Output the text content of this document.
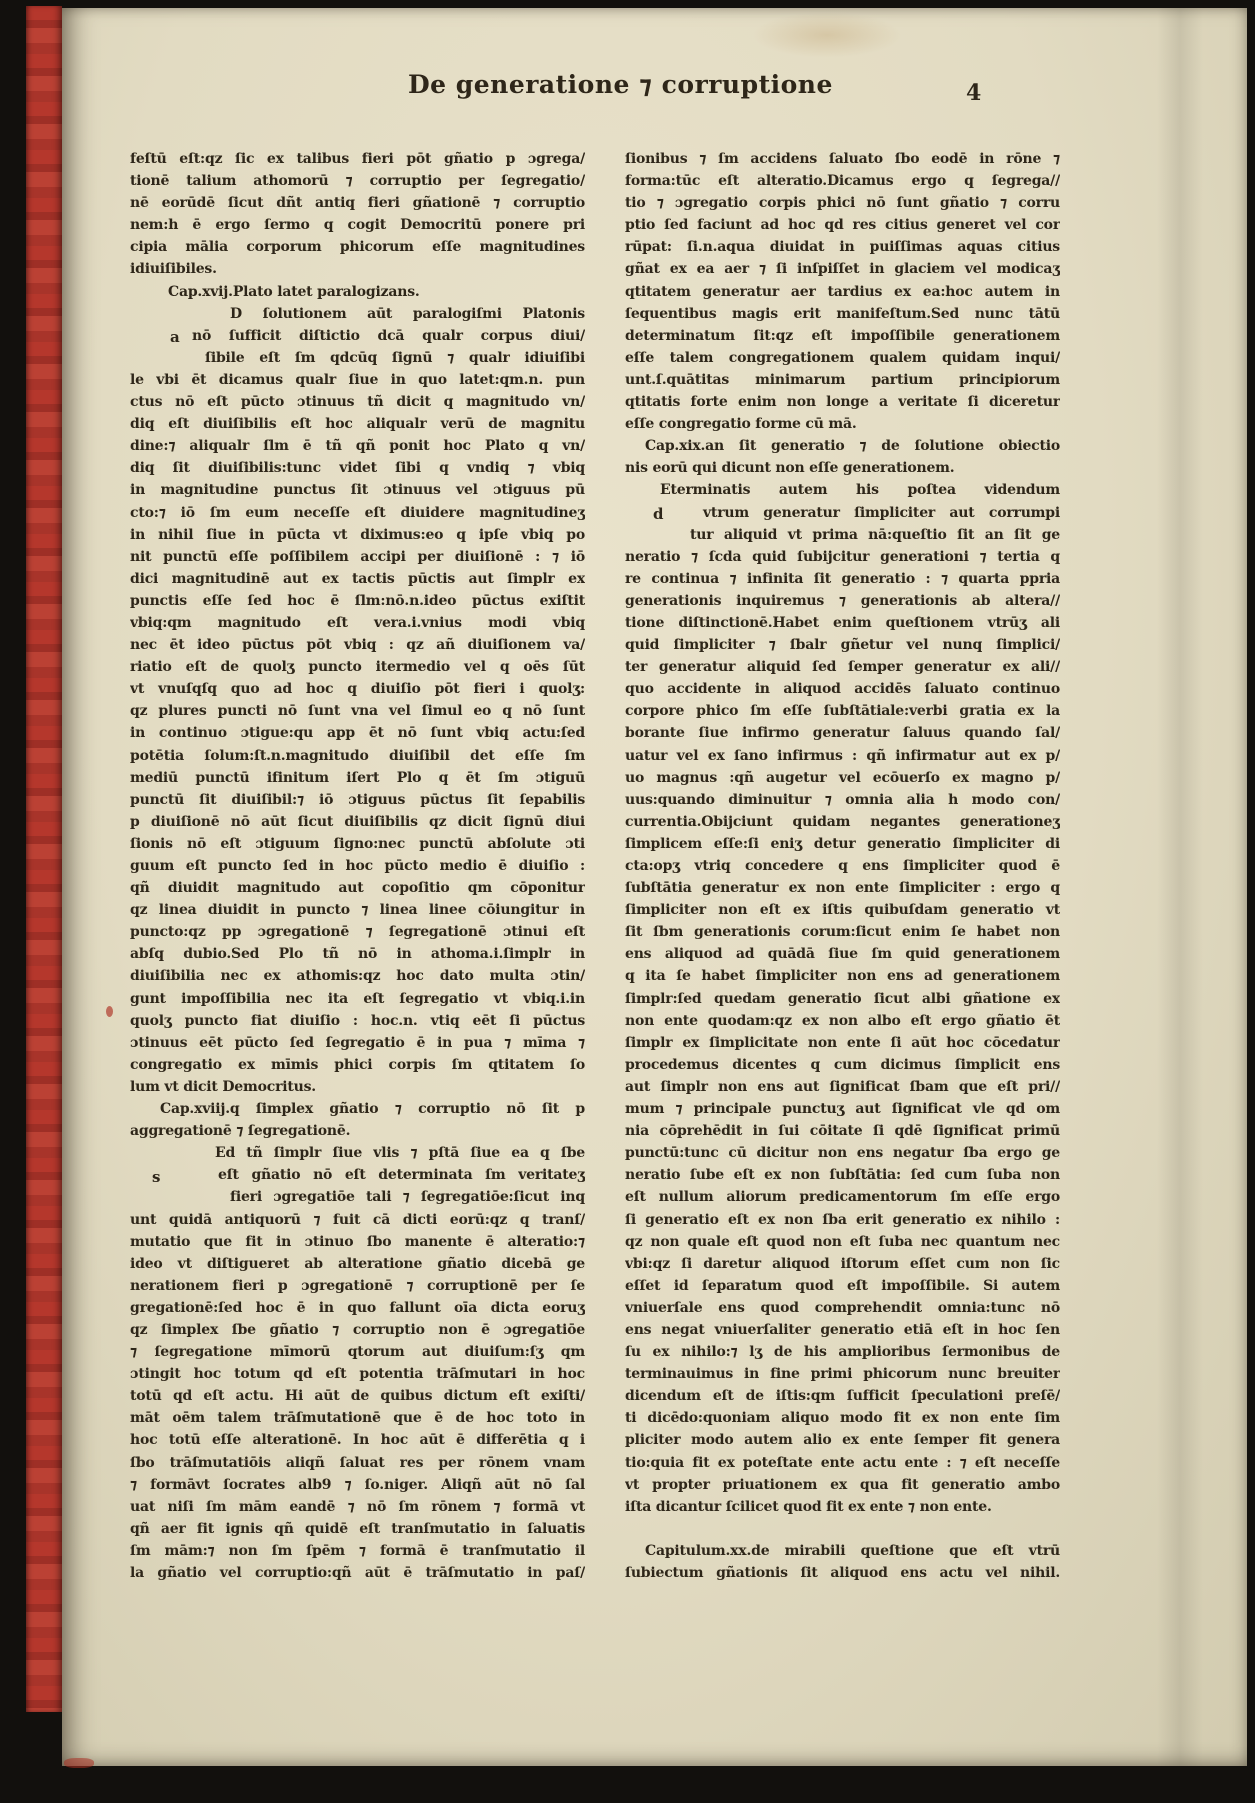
De generatione ⁊ corruptione	4
feſtū eſt:qz ſic ex talibus fieri pōt gñatio p ɔgrega/
tionē talium athomorū ⁊ corruptio per ſegregatio/
nē eorūdē ſicut dñt antiq fieri gñationē ⁊ corruptio
nem:h ē ergo ſermo q cogit Democritū ponere pri
cipia mālia corporum phicorum eſſe magnitudines
idiuiſibiles.
Cap.xvij.Plato latet paralogizans.
D ſolutionem aūt paralogiſmi Platonis
nō ſufficit diſtictio dcā qualr corpus diui/
ſibile eſt ſm qdcūq ſignū ⁊ qualr idiuiſibi
le vbi ēt dicamus qualr ſiue in quo latet:qm.n. pun
ctus nō eſt pūcto ɔtinuus tñ dicit q magnitudo vn/
diq eſt diuiſibilis eſt hoc aliqualr verū de magnitu
dine:⁊ aliqualr ſlm ē tñ qñ ponit hoc Plato q vn/
diq ſit diuiſibilis:tunc videt ſibi q vndiq ⁊ vbiq
in magnitudine punctus ſit ɔtinuus vel ɔtiguus pū
cto:⁊ iō ſm eum neceſſe eſt diuidere magnitudineʒ
in nihil ſiue in pūcta vt diximus:eo q ipſe vbiq po
nit punctū eſſe poſſibilem accipi per diuiſionē : ⁊ iō
dici magnitudinē aut ex tactis pūctis aut ſimplr ex
punctis eſſe ſed hoc ē ſlm:nō.n.ideo pūctus exiſtit
vbiq:qm magnitudo eſt vera.i.vnius modi vbiq
nec ēt ideo pūctus pōt vbiq : qz añ diuiſionem va/
riatio eſt de quolʒ puncto itermedio vel q oēs ſūt
vt vnuſqſq quo ad hoc q diuiſio pōt fieri i quolʒ:
qz plures puncti nō ſunt vna vel ſimul eo q nō ſunt
in continuo ɔtigue:qu app ēt nō ſunt vbiq actu:ſed
potētia ſolum:ſt.n.magnitudo diuiſibil det eſſe ſm
mediū punctū ifinitum iſert Plo q ēt ſm ɔtiguū
punctū ſit diuiſibil:⁊ iō ɔtiguus pūctus ſit ſepabilis
p diuiſionē nō aūt ſicut diuiſibilis qz dicit ſignū diui
ſionis nō eſt ɔtiguum ſigno:nec punctū abſolute ɔti
guum eſt puncto ſed in hoc pūcto medio ē diuiſio :
qñ diuidit magnitudo aut copoſitio qm cōponitur
qz linea diuidit in puncto ⁊ linea linee cōiungitur in
puncto:qz pp ɔgregationē ⁊ ſegregationē ɔtinui eſt
abſq dubio.Sed Plo tñ nō in athoma.i.ſimplr in
diuiſibilia nec ex athomis:qz hoc dato multa ɔtin/
gunt impoſſibilia nec ita eſt ſegregatio vt vbiq.i.in
quolʒ puncto fiat diuiſio : hoc.n. vtiq eēt ſi pūctus
ɔtinuus eēt pūcto ſed ſegregatio ē in pua ⁊ mīma ⁊
congregatio ex mīmis phici corpis ſm qtitatem ſo
lum vt dicit Democritus.
Cap.xviij.q ſimplex gñatio ⁊ corruptio nō ſit p
aggregationē ⁊ ſegregationē.
Ed tñ ſimplr ſiue vlis ⁊ pſtā ſiue ea q ſbe
eſt gñatio nō eſt determinata ſm veritateʒ
fieri ɔgregatiōe tali ⁊ ſegregatiōe:ſicut inq
unt quidā antiquorū ⁊ fuit cā dicti eorū:qz q tranſ/
mutatio que fit in ɔtinuo ſbo manente ē alteratio:⁊
ideo vt diſtigueret ab alteratione gñatio dicebā ge
nerationem fieri p ɔgregationē ⁊ corruptionē per ſe
gregationē:ſed hoc ē in quo fallunt oīa dicta eoruʒ
qz ſimplex ſbe gñatio ⁊ corruptio non ē ɔgregatiōe
⁊ ſegregatione mīmorū qtorum aut diuiſum:ſʒ qm
ɔtingit hoc totum qd eſt potentia trāſmutari in hoc
totū qd eſt actu. Hi aūt de quibus dictum eſt exiſti/
māt oēm talem trāſmutationē que ē de hoc toto in
hoc totū eſſe alterationē. In hoc aūt ē differētia q i
ſbo trāſmutatiōis aliqñ ſaluat res per rōnem vnam
⁊ formāvt ſocrates alb9 ⁊ ſo.niger. Aliqñ aūt nō ſal
uat niſi ſm mām eandē ⁊ nō ſm rōnem ⁊ formā vt
qñ aer fit ignis qñ quidē eſt tranſmutatio in ſaluatis
ſm mām:⁊ non ſm ſpēm ⁊ formā ē tranſmutatio il
la gñatio vel corruptio:qñ aūt ē trāſmutatio in paſ/
a
s
ſionibus ⁊ ſm accidens ſaluato ſbo eodē in rōne ⁊
forma:tūc eſt alteratio.Dicamus ergo q ſegrega//
tio ⁊ ɔgregatio corpis phici nō ſunt gñatio ⁊ corru
ptio ſed faciunt ad hoc qd res citius generet vel cor
rūpat: ſi.n.aqua diuidat in puiſſimas aquas citius
gñat ex ea aer ⁊ ſi inſpiſſet in glaciem vel modicaʒ
qtitatem generatur aer tardius ex ea:hoc autem in
ſequentibus magis erit manifeſtum.Sed nunc tātū
determinatum ſit:qz eſt impoſſibile generationem
eſſe talem congregationem qualem quidam inqui/
unt.ſ.quātitas minimarum partium principiorum
qtitatis forte enim non longe a veritate ſi diceretur
eſſe congregatio forme cū mā.
Cap.xix.an ſit generatio ⁊ de ſolutione obiectio
nis eorū qui dicunt non eſſe generationem.
Eterminatis autem his poſtea videndum
vtrum generatur ſimpliciter aut corrumpi
tur aliquid vt prima nā:queſtio ſit an ſit ge
neratio ⁊ ſcda quid ſubijcitur generationi ⁊ tertia q
re continua ⁊ infinita ſit generatio : ⁊ quarta ppria
generationis inquiremus ⁊ generationis ab altera//
tione diſtinctionē.Habet enim queſtionem vtrūʒ ali
quid ſimpliciter ⁊ ſbalr gñetur vel nunq ſimplici/
ter generatur aliquid ſed ſemper generatur ex ali//
quo accidente in aliquod accidēs ſaluato continuo
corpore phico ſm eſſe ſubſtātiale:verbi gratia ex la
borante ſiue infirmo generatur ſaluus quando ſal/
uatur vel ex ſano infirmus : qñ infirmatur aut ex p/
uo magnus :qñ augetur vel ecōuerſo ex magno p/
uus:quando diminuitur ⁊ omnia alia h modo con/
currentia.Obijciunt quidam negantes generationeʒ
ſimplicem eſſe:ſi eniʒ detur generatio ſimpliciter di
cta:opʒ vtriq concedere q ens ſimpliciter quod ē
ſubſtātia generatur ex non ente ſimpliciter : ergo q
ſimpliciter non eſt ex iſtis quibuſdam generatio vt
ſit ſbm generationis corum:ſicut enim ſe habet non
ens aliquod ad quādā ſiue ſm quid generationem
q ita ſe habet ſimpliciter non ens ad generationem
ſimplr:ſed quedam generatio ſicut albi gñatione ex
non ente quodam:qz ex non albo eſt ergo gñatio ēt
ſimplr ex ſimplicitate non ente ſi aūt hoc cōcedatur
procedemus dicentes q cum dicimus ſimplicit ens
aut ſimplr non ens aut ſignificat ſbam que eſt pri//
mum ⁊ principale punctuʒ aut ſignificat vle qd om
nia cōprehēdit in ſui cōitate ſi qdē ſignificat primū
punctū:tunc cū dicitur non ens negatur ſba ergo ge
neratio ſube eſt ex non ſubſtātia: ſed cum ſuba non
eſt nullum aliorum predicamentorum ſm eſſe ergo
ſi generatio eſt ex non ſba erit generatio ex nihilo :
qz non quale eſt quod non eſt ſuba nec quantum nec
vbi:qz ſi daretur aliquod iſtorum eſſet cum non ſic
eſſet id ſeparatum quod eſt impoſſibile. Si autem
vniuerſale ens quod comprehendit omnia:tunc nō
ens negat vniuerſaliter generatio etiā eſt in hoc ſen
ſu ex nihilo:⁊ lʒ de his amplioribus ſermonibus de
terminauimus in fine primi phicorum nunc breuiter
dicendum eſt de iſtis:qm ſufficit ſpeculationi preſē/
ti dicēdo:quoniam aliquo modo fit ex non ente ſim
pliciter modo autem alio ex ente ſemper fit genera
tio:quia fit ex poteſtate ente actu ente : ⁊ eſt neceſſe
vt propter priuationem ex qua fit generatio ambo
iſta dicantur ſcilicet quod fit ex ente ⁊ non ente.
Capitulum.xx.de mirabili queſtione que eſt vtrū
ſubiectum gñationis ſit aliquod ens actu vel nihil.
d
